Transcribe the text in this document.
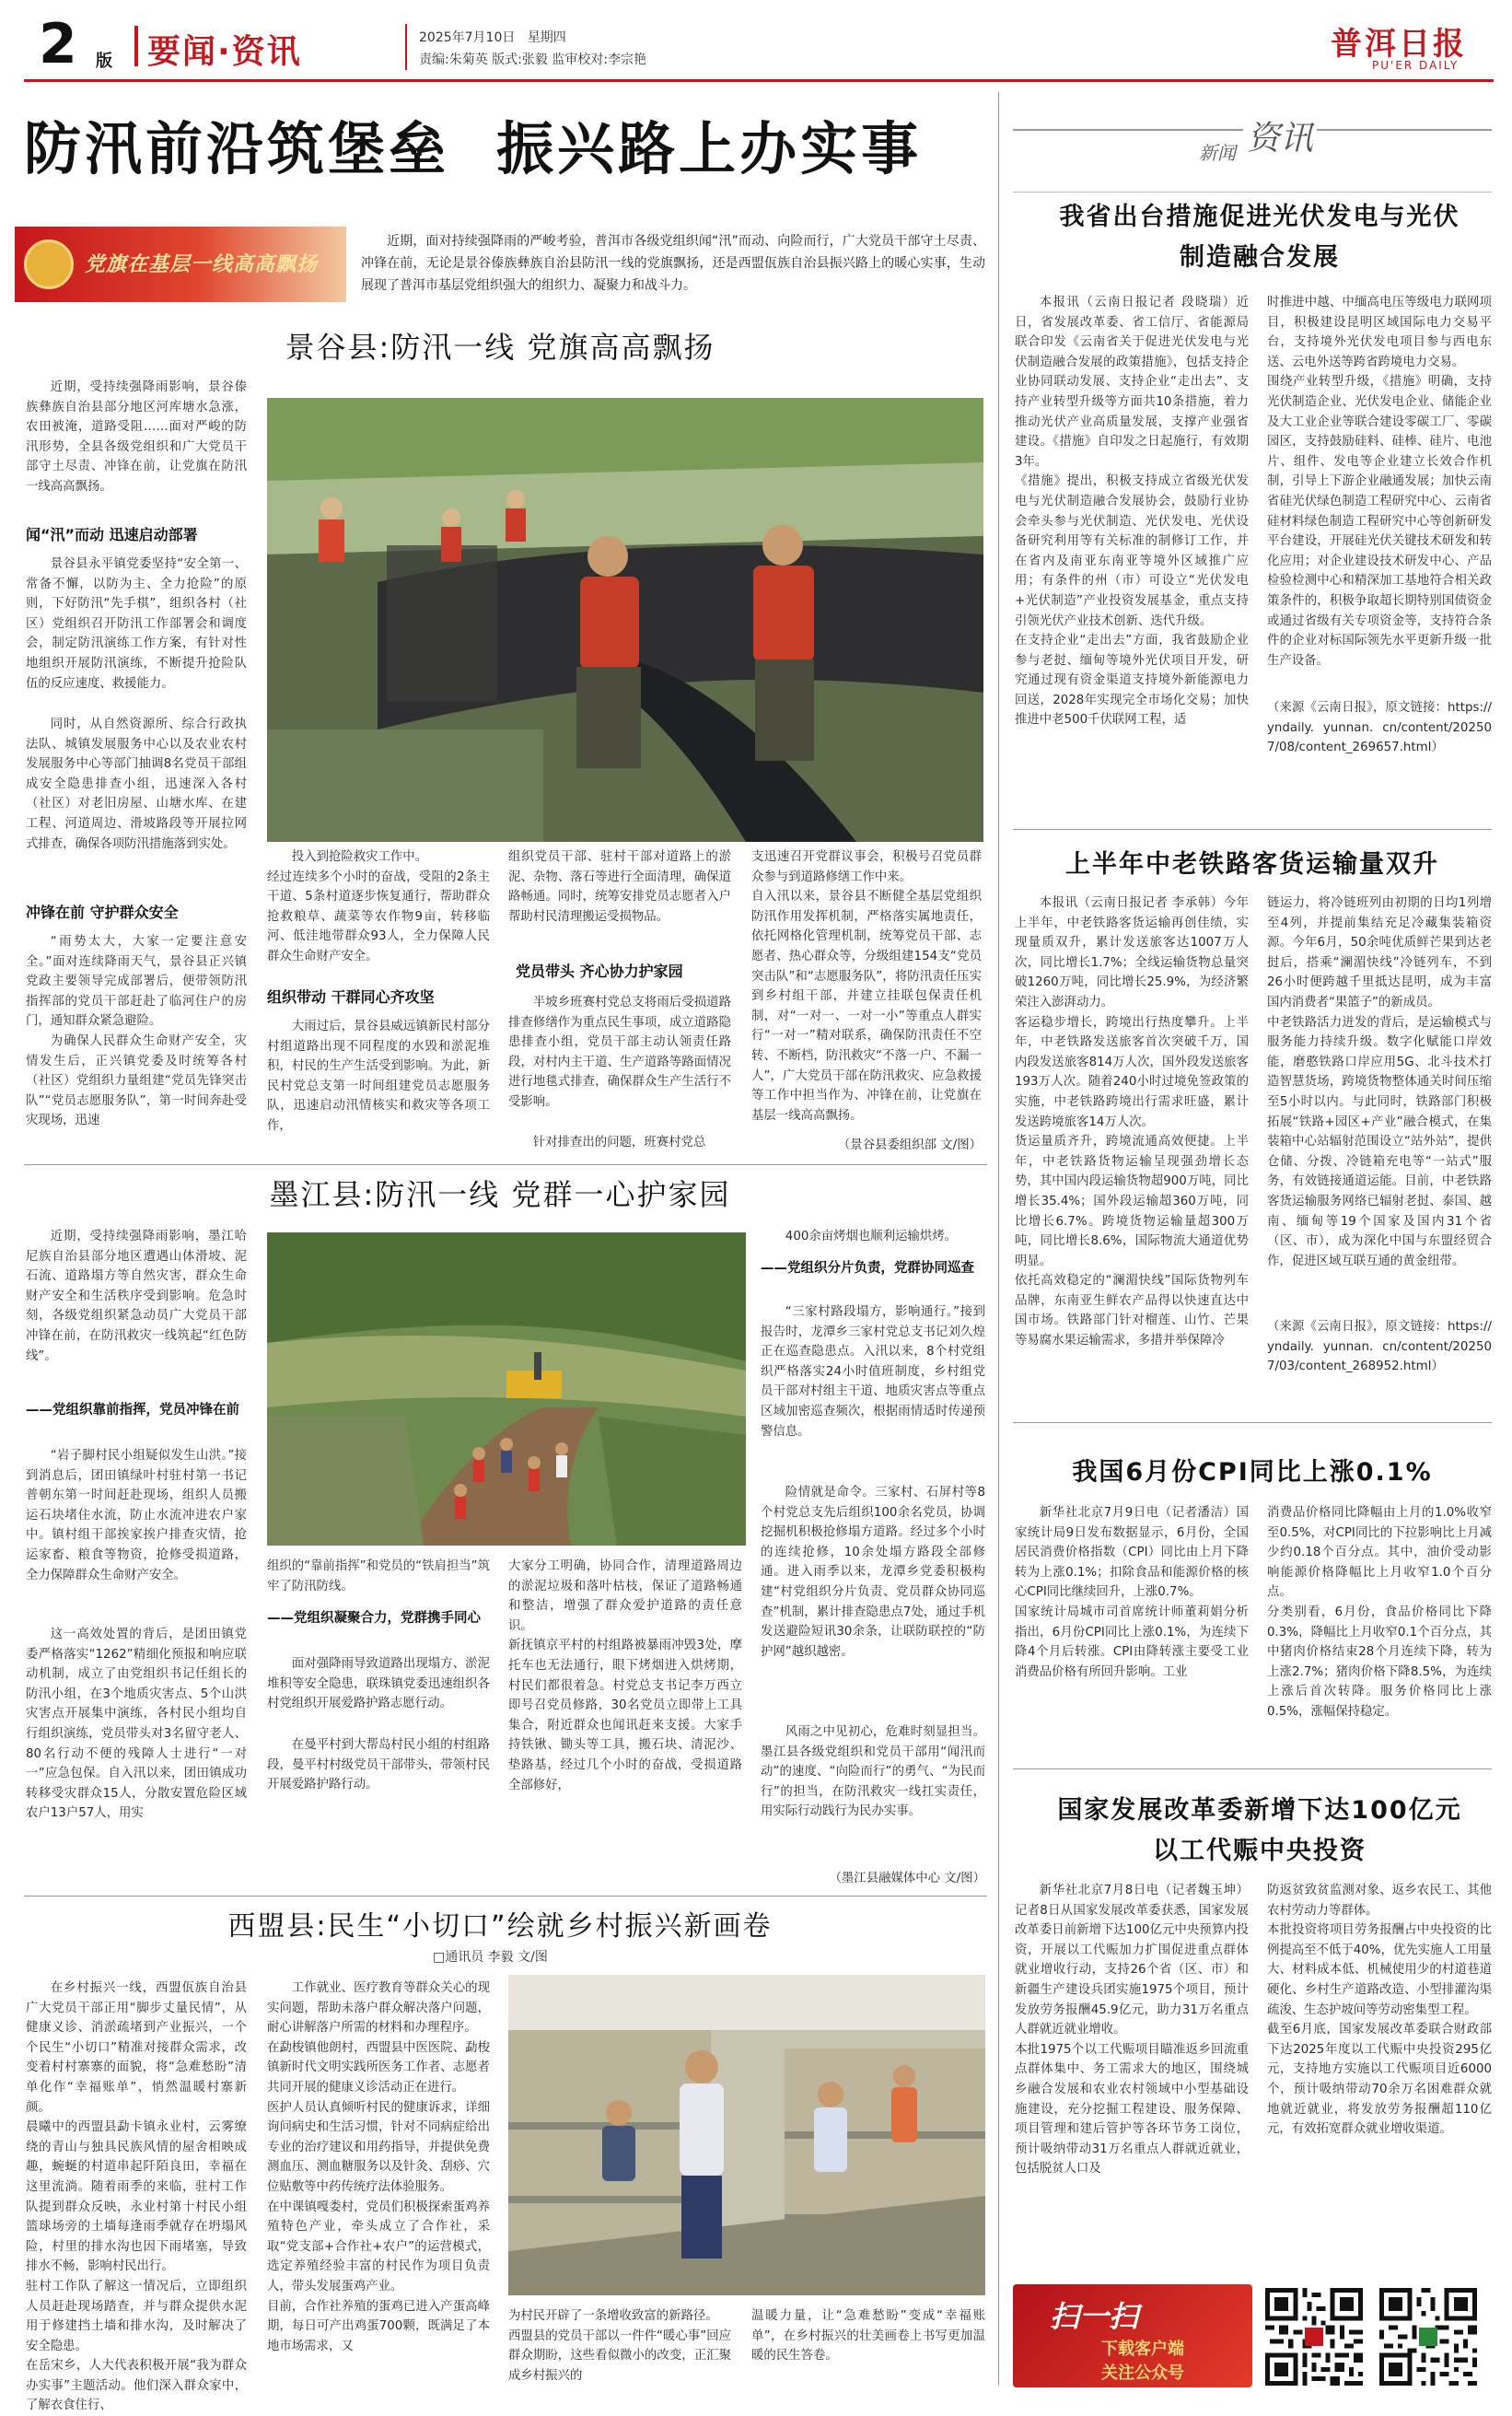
2 版 要闻·资讯	2025年7月10日 星期四
责编:朱菊英 版式:张毅 监审校对:李宗艳	普洱日报
PU'ER DAILY
防汛前沿筑堡垒  振兴路上办实事
党旗在基层一线高高飘扬
近期，面对持续强降雨的严峻考验，普洱市各级党组织闻“汛”而动、向险而行，广大党员干部守土尽责、冲锋在前，无论是景谷傣族彝族自治县防汛一线的党旗飘扬，还是西盟佤族自治县振兴路上的暖心实事，生动展现了普洱市基层党组织强大的组织力、凝聚力和战斗力。
景谷县:防汛一线 党旗高高飘扬
近期，受持续强降雨影响，景谷傣族彝族自治县部分地区河库塘水急涨，农田被淹，道路受阻……面对严峻的防汛形势，全县各级党组织和广大党员干部守土尽责、冲锋在前，让党旗在防汛一线高高飘扬。
闻“汛”而动 迅速启动部署
景谷县永平镇党委坚持“安全第一、常备不懈，以防为主、全力抢险”的原则，下好防汛“先手棋”，组织各村（社区）党组织召开防汛工作部署会和调度会，制定防汛演练工作方案，有针对性地组织开展防汛演练，不断提升抢险队伍的反应速度、救援能力。
同时，从自然资源所、综合行政执法队、城镇发展服务中心以及农业农村发展服务中心等部门抽调8名党员干部组成安全隐患排查小组，迅速深入各村（社区）对老旧房屋、山塘水库、在建工程、河道周边、滑坡路段等开展拉网式排查，确保各项防汛措施落到实处。
冲锋在前 守护群众安全
“雨势太大，大家一定要注意安全。”面对连续降雨天气，景谷县正兴镇党政主要领导完成部署后，便带领防汛指挥部的党员干部赶赴了临河住户的房门，通知群众紧急避险。
为确保人民群众生命财产安全，灾情发生后，正兴镇党委及时统筹各村（社区）党组织力量组建“党员先锋突击队”“党员志愿服务队”，第一时间奔赴受灾现场，迅速
投入到抢险救灾工作中。
经过连续多个小时的奋战，受阻的2条主干道、5条村道逐步恢复通行，帮助群众抢救粮草、蔬菜等农作物9亩，转移临河、低洼地带群众93人，全力保障人民群众生命财产安全。
组织带动 干群同心齐攻坚
大雨过后，景谷县威远镇新民村部分村组道路出现不同程度的水毁和淤泥堆积，村民的生产生活受到影响。为此，新民村党总支第一时间组建党员志愿服务队，迅速启动汛情核实和救灾等各项工作，
组织党员干部、驻村干部对道路上的淤泥、杂物、落石等进行全面清理，确保道路畅通。同时，统筹安排党员志愿者入户帮助村民清理搬运受损物品。
党员带头 齐心协力护家园
半坡乡班赛村党总支将雨后受损道路排查修缮作为重点民生事项，成立道路隐患排查小组，党员干部主动认领责任路段，对村内主干道、生产道路等路面情况进行地毯式排查，确保群众生产生活行不受影响。
针对排查出的问题，班赛村党总
支迅速召开党群议事会，积极号召党员群众参与到道路修缮工作中来。
自入汛以来，景谷县不断健全基层党组织防汛作用发挥机制，严格落实属地责任，依托网格化管理机制，统筹党员干部、志愿者、热心群众等，分级组建154支“党员突击队”和“志愿服务队”，将防汛责任压实到乡村组干部，并建立挂联包保责任机制，对“一对一、一对一小”等重点人群实行“一对一”精对联系，确保防汛责任不空转、不断档，防汛救灾“不落一户、不漏一人”，广大党员干部在防汛救灾、应急救援等工作中担当作为、冲锋在前，让党旗在基层一线高高飘扬。
（景谷县委组织部 文/图）
墨江县:防汛一线 党群一心护家园
近期，受持续强降雨影响，墨江哈尼族自治县部分地区遭遇山体滑坡、泥石流、道路塌方等自然灾害，群众生命财产安全和生活秩序受到影响。危急时刻，各级党组织紧急动员广大党员干部冲锋在前，在防汛救灾一线筑起“红色防线”。
——党组织靠前指挥，党员冲锋在前
“岩子脚村民小组疑似发生山洪。”接到消息后，团田镇绿叶村驻村第一书记普朝东第一时间赶赴现场，组织人员搬运石块堵住水流，防止水流冲进农户家中。镇村组干部挨家挨户排查灾情，抢运家畜、粮食等物资，抢修受损道路，全力保障群众生命财产安全。
这一高效处置的背后，是团田镇党委严格落实“1262”精细化预报和响应联动机制，成立了由党组织书记任组长的防汛小组，在3个地质灾害点、5个山洪灾害点开展集中演练，各村民小组均自行组织演练，党员带头对3名留守老人、80名行动不便的残障人士进行“一对一”应急包保。自入汛以来，团田镇成功转移受灾群众15人，分散安置危险区域农户13户57人，用实
组织的“靠前指挥”和党员的“铁肩担当”筑牢了防汛防线。
——党组织凝聚合力，党群携手同心
面对强降雨导致道路出现塌方、淤泥堆积等安全隐患，联珠镇党委迅速组织各村党组织开展爱路护路志愿行动。
在曼平村到大帮岛村民小组的村组路段，曼平村村级党员干部带头，带领村民开展爱路护路行动。
大家分工明确，协同合作，清理道路周边的淤泥垃圾和落叶枯枝，保证了道路畅通和整洁，增强了群众爱护道路的责任意识。
新抚镇京平村的村组路被暴雨冲毁3处，摩托车也无法通行，眼下烤烟进入烘烤期，村民们都很着急。村党总支书记李万西立即号召党员修路，30名党员立即带上工具集合，附近群众也闻讯赶来支援。大家手持铁锹、锄头等工具，搬石块、清泥沙、垫路基，经过几个小时的奋战，受损道路全部修好，
400余亩烤烟也顺利运输烘烤。
——党组织分片负责，党群协同巡查
“三家村路段塌方，影响通行。”接到报告时，龙潭乡三家村党总支书记刘久煌正在巡查隐患点。入汛以来，8个村党组织严格落实24小时值班制度，乡村组党员干部对村组主干道、地质灾害点等重点区域加密巡查频次，根据雨情适时传递预警信息。
险情就是命令。三家村、石屏村等8个村党总支先后组织100余名党员，协调挖掘机积极抢修塌方道路。经过多个小时的连续抢修，10余处塌方路段全部修通。进入雨季以来，龙潭乡党委积极构建“村党组织分片负责、党员群众协同巡查”机制，累计排查隐患点7处，通过手机发送避险短讯30余条，让联防联控的“防护网”越织越密。
风雨之中见初心，危难时刻显担当。墨江县各级党组织和党员干部用“闻汛而动”的速度、“向险而行”的勇气、“为民而行”的担当，在防汛救灾一线扛实责任，用实际行动践行为民办实事。
（墨江县融媒体中心 文/图）
西盟县:民生“小切口”绘就乡村振兴新画卷
□通讯员 李毅 文/图
在乡村振兴一线，西盟佤族自治县广大党员干部正用“脚步丈量民情”，从健康义诊、消淤疏堵到产业振兴，一个个民生“小切口”精准对接群众需求，改变着村村寨寨的面貌，将“急难愁盼”清单化作“幸福账单”，悄然温暖村寨新颜。
晨曦中的西盟县勐卡镇永业村，云雾缭绕的青山与独具民族风情的屋舍相映成趣，蜿蜒的村道串起阡陌良田，幸福在这里流淌。随着雨季的来临，驻村工作队提到群众反映，永业村第十村民小组篮球场旁的土墙每逢雨季就存在坍塌风险，村里的排水沟也因下雨堵塞，导致排水不畅，影响村民出行。
驻村工作队了解这一情况后，立即组织人员赶赴现场踏查，并与群众提供水泥用于修建挡土墙和排水沟，及时解决了安全隐患。
在岳宋乡，人大代表积极开展“我为群众办实事”主题活动。他们深入群众家中，了解衣食住行、
工作就业、医疗教育等群众关心的现实问题，帮助未落户群众解决落户问题，耐心讲解落户所需的材料和办理程序。
在勐梭镇他朗村，西盟县中医医院、勐梭镇新时代文明实践所医务工作者、志愿者共同开展的健康义诊活动正在进行。
医护人员认真倾听村民的健康诉求，详细询问病史和生活习惯，针对不同病症给出专业的治疗建议和用药指导，并提供免费测血压、测血糖服务以及针灸、刮痧、穴位贴敷等中药传统疗法体验服务。
在中课镇嘎娄村，党员们积极探索蛋鸡养殖特色产业，牵头成立了合作社，采取“党支部+合作社+农户”的运营模式，选定养殖经验丰富的村民作为项目负责人，带头发展蛋鸡产业。
目前，合作社养殖的蛋鸡已进入产蛋高峰期，每日可产出鸡蛋700颗，既满足了本地市场需求，又
为村民开辟了一条增收致富的新路径。
西盟县的党员干部以一件件“暖心事”回应群众期盼，这些看似微小的改变，正汇聚成乡村振兴的
温暖力量，让“急难愁盼”变成“幸福账单”，在乡村振兴的壮美画卷上书写更加温暖的民生答卷。
新闻 资讯
我省出台措施促进光伏发电与光伏制造融合发展
本报讯（云南日报记者 段晓瑞）近日，省发展改革委、省工信厅、省能源局联合印发《云南省关于促进光伏发电与光伏制造融合发展的政策措施》，包括支持企业协同联动发展、支持企业“走出去”、支持产业转型升级等方面共10条措施，着力推动光伏产业高质量发展，支撑产业强省建设。《措施》自印发之日起施行，有效期3年。
《措施》提出，积极支持成立省级光伏发电与光伏制造融合发展协会，鼓励行业协会牵头参与光伏制造、光伏发电、光伏设备研究利用等有关标准的制修订工作，并在省内及南亚东南亚等境外区域推广应用；有条件的州（市）可设立“光伏发电+光伏制造”产业投资发展基金，重点支持引领光伏产业技术创新、迭代升级。
在支持企业“走出去”方面，我省鼓励企业参与老挝、缅甸等境外光伏项目开发，研究通过现有资金渠道支持境外新能源电力回送，2028年实现完全市场化交易；加快推进中老500千伏联网工程，适
时推进中越、中缅高电压等级电力联网项目，积极建设昆明区域国际电力交易平台，支持境外光伏发电项目参与西电东送、云电外送等跨省跨境电力交易。
围绕产业转型升级，《措施》明确，支持光伏制造企业、光伏发电企业、储能企业及大工业企业等联合建设零碳工厂、零碳园区，支持鼓励硅料、硅棒、硅片、电池片、组件、发电等企业建立长效合作机制，引导上下游企业融通发展；加快云南省硅光伏绿色制造工程研究中心、云南省硅材料绿色制造工程研究中心等创新研发平台建设，开展硅光伏关键技术研发和转化应用；对企业建设技术研发中心、产品检验检测中心和精深加工基地符合相关政策条件的，积极争取超长期特别国债资金或通过省级有关专项资金等，支持符合条件的企业对标国际领先水平更新升级一批生产设备。
（来源《云南日报》，原文链接：https://yndaily. yunnan. cn/content/202507/08/content_269657.html）
上半年中老铁路客货运输量双升
本报讯（云南日报记者 李承韩）今年上半年，中老铁路客货运输再创佳绩，实现量质双升，累计发送旅客达1007万人次，同比增长1.7%；全线运输货物总量突破1260万吨，同比增长25.9%，为经济繁荣注入澎湃动力。
客运稳步增长，跨境出行热度攀升。上半年，中老铁路发送旅客首次突破千万，国内段发送旅客814万人次，国外段发送旅客193万人次。随着240小时过境免签政策的实施，中老铁路跨境出行需求旺盛，累计发送跨境旅客14万人次。
货运量质齐升，跨境流通高效便捷。上半年，中老铁路货物运输呈现强劲增长态势，其中国内段运输货物超900万吨，同比增长35.4%；国外段运输超360万吨，同比增长6.7%。跨境货物运输量超300万吨，同比增长8.6%，国际物流大通道优势明显。
依托高效稳定的“澜湄快线”国际货物列车品牌，东南亚生鲜农产品得以快速直达中国市场。铁路部门针对榴莲、山竹、芒果等易腐水果运输需求，多措并举保障冷
链运力，将冷链班列由初期的日均1列增至4列，并提前集结充足冷藏集装箱资源。今年6月，50余吨优质鲜芒果到达老挝后，搭乘“澜湄快线”冷链列车，不到26小时便跨越千里抵达昆明，成为丰富国内消费者“果篮子”的新成员。
中老铁路活力迸发的背后，是运输模式与服务能力持续升级。数字化赋能口岸效能，磨憨铁路口岸应用5G、北斗技术打造智慧货场，跨境货物整体通关时间压缩至5小时以内。与此同时，铁路部门积极拓展“铁路+园区+产业”融合模式，在集装箱中心站辐射范围设立“站外站”，提供仓储、分拨、冷链箱充电等“一站式”服务，有效链接通道运能。目前，中老铁路客货运输服务网络已辐射老挝、泰国、越南、缅甸等19个国家及国内31个省（区、市），成为深化中国与东盟经贸合作，促进区域互联互通的黄金纽带。
（来源《云南日报》，原文链接：https://yndaily. yunnan. cn/content/202507/03/content_268952.html）
我国6月份CPI同比上涨0.1%
新华社北京7月9日电（记者潘洁）国家统计局9日发布数据显示，6月份，全国居民消费价格指数（CPI）同比由上月下降转为上涨0.1%；扣除食品和能源价格的核心CPI同比继续回升，上涨0.7%。
国家统计局城市司首席统计师董莉娟分析指出，6月份CPI同比上涨0.1%，为连续下降4个月后转涨。CPI由降转涨主要受工业消费品价格有所回升影响。工业
消费品价格同比降幅由上月的1.0%收窄至0.5%，对CPI同比的下拉影响比上月减少约0.18个百分点。其中，油价受动影响能源价格降幅比上月收窄1.0个百分点。
分类别看，6月份，食品价格同比下降0.3%，降幅比上月收窄0.1个百分点，其中猪肉价格结束28个月连续下降，转为上涨2.7%；猪肉价格下降8.5%，为连续上涨后首次转降。服务价格同比上涨0.5%，涨幅保持稳定。
国家发展改革委新增下达100亿元以工代赈中央投资
新华社北京7月8日电（记者魏玉坤）记者8日从国家发展改革委获悉，国家发展改革委日前新增下达100亿元中央预算内投资，开展以工代赈加力扩围促进重点群体就业增收行动，支持26个省（区、市）和新疆生产建设兵团实施1975个项目，预计发放劳务报酬45.9亿元，助力31万名重点人群就近就业增收。
本批1975个以工代赈项目瞄准返乡回流重点群体集中、务工需求大的地区，围绕城乡融合发展和农业农村领域中小型基础设施建设，充分挖掘工程建设、服务保障、项目管理和建后管护等各环节务工岗位，预计吸纳带动31万名重点人群就近就业，包括脱贫人口及
防返贫致贫监测对象、返乡农民工、其他农村劳动力等群体。
本批投资将项目劳务报酬占中央投资的比例提高至不低于40%，优先实施人工用量大、材料成本低、机械使用少的村道巷道硬化、乡村生产道路改造、小型排灌沟渠疏浚、生态护坡问等劳动密集型工程。
截至6月底，国家发展改革委联合财政部下达2025年度以工代赈中央投资295亿元，支持地方实施以工代赈项目近6000个，预计吸纳带动70余万名困难群众就地就近就业，将发放劳务报酬超110亿元，有效拓宽群众就业增收渠道。
扫一扫
下载客户端
关注公众号
